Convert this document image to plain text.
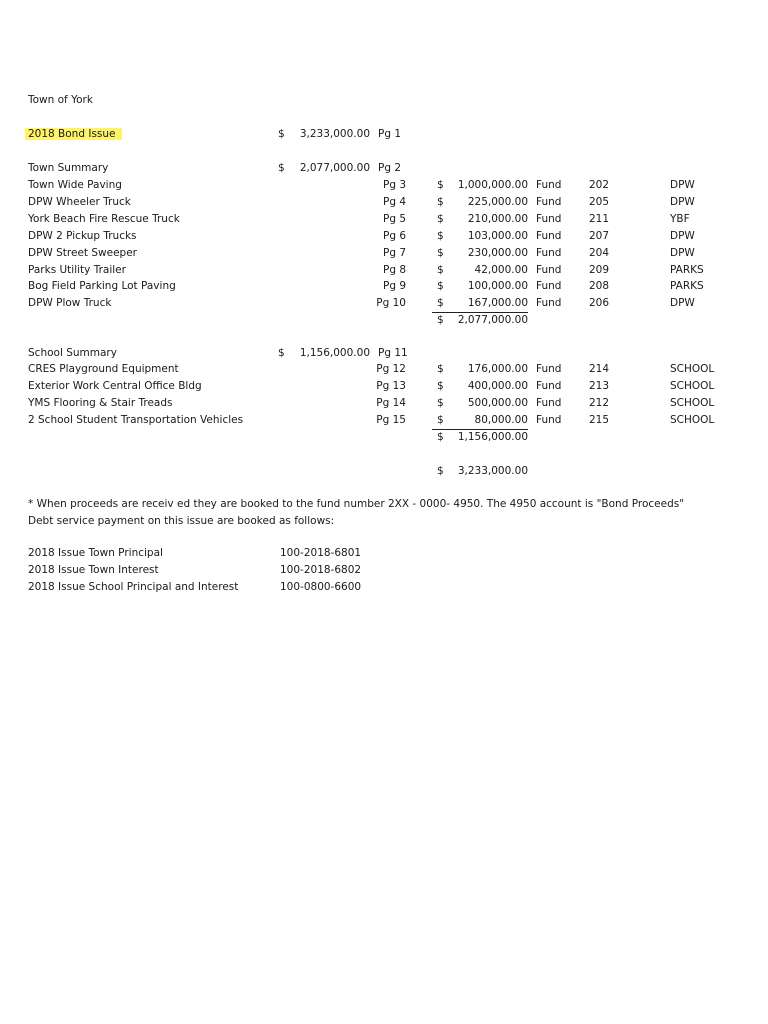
Town of York
2018 Bond Issue	$ 3,233,000.00 Pg 1
Town Summary	$ 2,077,000.00 Pg 2
Town Wide Paving	Pg 3	$ 1,000,000.00 Fund	202	DPW
DPW Wheeler Truck	Pg 4	$ 225,000.00 Fund	205	DPW
York Beach Fire Rescue Truck	Pg 5	$ 210,000.00 Fund	211	YBF
DPW 2 Pickup Trucks	Pg 6	$ 103,000.00 Fund	207	DPW
DPW Street Sweeper	Pg 7	$ 230,000.00 Fund	204	DPW
Parks Utility Trailer	Pg 8	$	42,000.00 Fund	209	PARKS
Bog Field Parking Lot Paving	Pg 9	$ 100,000.00 Fund	208	PARKS
DPW Plow Truck	Pg 10	$ 167,000.00 Fund	206	DPW
$ 2,077,000.00
School Summary	$ 1,156,000.00 Pg 11
CRES Playground Equipment	Pg 12	$ 176,000.00 Fund	214	SCHOOL
Exterior Work Central Office Bldg	Pg 13	$ 400,000.00 Fund	213	SCHOOL
YMS Flooring & Stair Treads	Pg 14	$ 500,000.00 Fund	212	SCHOOL
2 School Student Transportation Vehicles	Pg 15	$	80,000.00 Fund	215	SCHOOL
$ 1,156,000.00
$ 3,233,000.00
* When proceeds are receiv ed they are booked to the fund number 2XX - 0000- 4950. The 4950 account is "Bond Proceeds"
Debt service payment on this issue are booked as follows:
2018 Issue Town Principal	100-2018-6801
2018 Issue Town Interest	100-2018-6802
2018 Issue School Principal and Interest	100-0800-6600
